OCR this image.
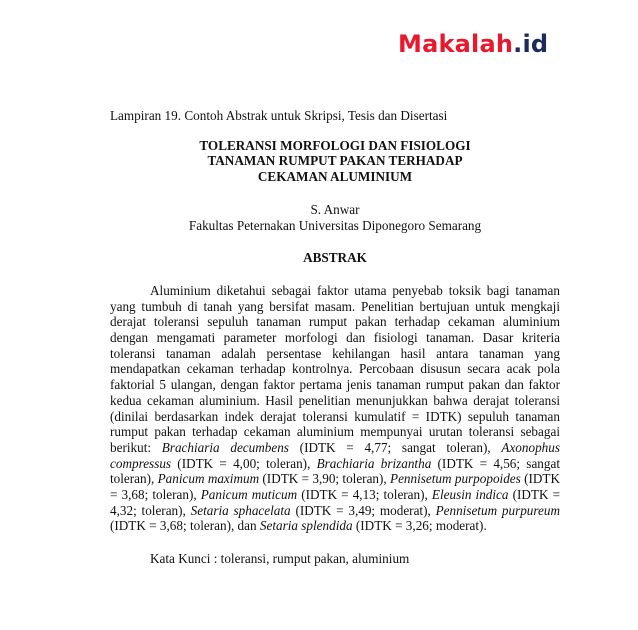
Makalah.id

Lampiran 19. Contoh Abstrak untuk Skripsi, Tesis dan Disertasi

TOLERANSI MORFOLOGI DAN FISIOLOGI
TANAMAN RUMPUT PAKAN TERHADAP
CEKAMAN ALUMINIUM
S. Anwar
Fakultas Peternakan Universitas Diponegoro Semarang
ABSTRAK

Aluminium diketahui sebagai faktor utama penyebab toksik bagi tanaman yang tumbuh di tanah yang bersifat masam. Penelitian bertujuan untuk mengkaji derajat toleransi sepuluh tanaman rumput pakan terhadap cekaman aluminium dengan mengamati parameter morfologi dan fisiologi tanaman. Dasar kriteria toleransi tanaman adalah persentase kehilangan hasil antara tanaman yang mendapatkan cekaman terhadap kontrolnya. Percobaan disusun secara acak pola faktorial 5 ulangan, dengan faktor pertama jenis tanaman rumput pakan dan faktor kedua cekaman aluminium. Hasil penelitian menunjukkan bahwa derajat toleransi (dinilai berdasarkan indek derajat toleransi kumulatif = IDTK) sepuluh tanaman rumput pakan terhadap cekaman aluminium mempunyai urutan toleransi sebagai berikut: Brachiaria decumbens (IDTK = 4,77; sangat toleran), Axonophus compressus (IDTK = 4,00; toleran), Brachiaria brizantha (IDTK = 4,56; sangat toleran), Panicum maximum (IDTK = 3,90; toleran), Pennisetum purpopoides (IDTK = 3,68; toleran), Panicum muticum (IDTK = 4,13; toleran), Eleusin indica (IDTK = 4,32; toleran), Setaria sphacelata (IDTK = 3,49; moderat), Pennisetum purpureum (IDTK = 3,68; toleran), dan Setaria splendida (IDTK = 3,26; moderat).

Kata Kunci : toleransi, rumput pakan, aluminium
